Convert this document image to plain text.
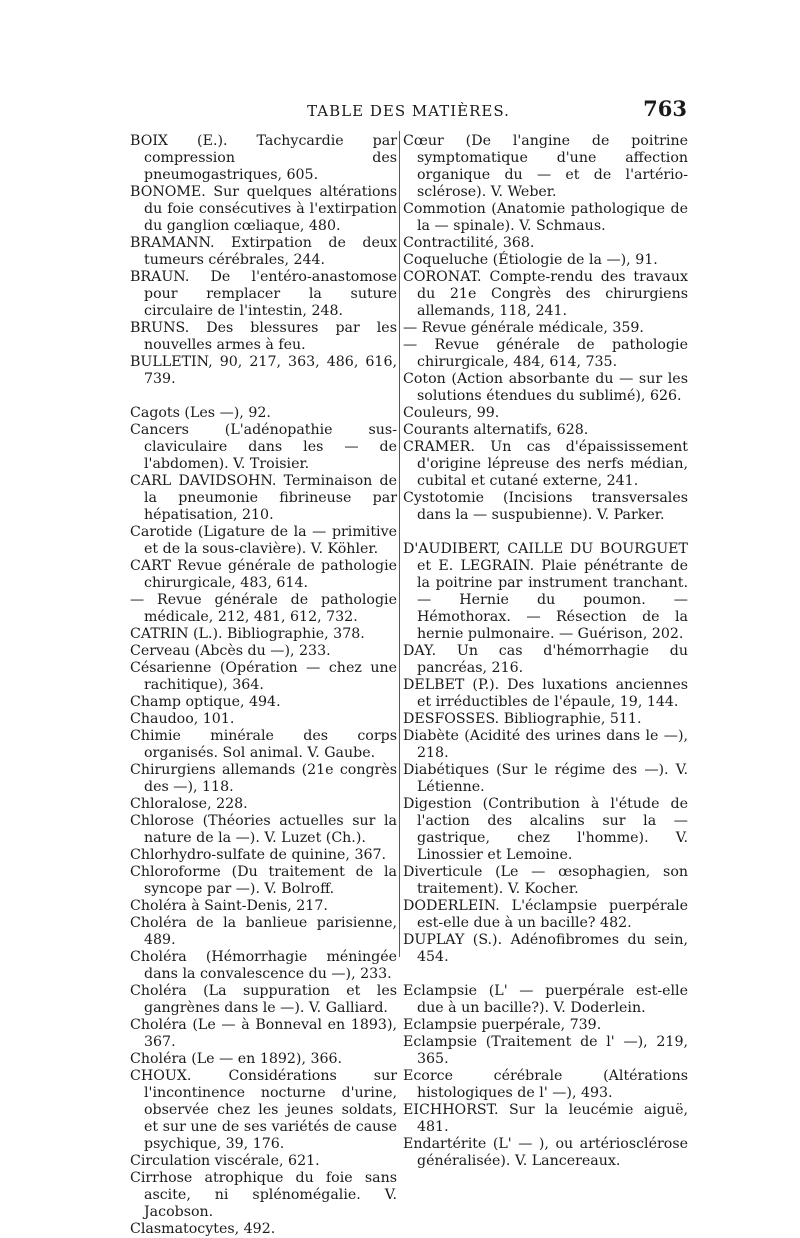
TABLE DES MATIÈRES.	763

BOIX (E.). Tachycardie par compression des pneumogastriques, 605.

BONOME. Sur quelques altérations du foie consécutives à l'extirpation du ganglion cœliaque, 480.

BRAMANN. Extirpation de deux tumeurs cérébrales, 244.

BRAUN. De l'entéro-anastomose pour remplacer la suture circulaire de l'intestin, 248.

BRUNS. Des blessures par les nouvelles armes à feu.

BULLETIN, 90, 217, 363, 486, 616, 739.

Cagots (Les —), 92.

Cancers (L'adénopathie sus-claviculaire dans les — de l'abdomen). V. Troisier.

CARL DAVIDSOHN. Terminaison de la pneumonie fibrineuse par hépatisation, 210.

Carotide (Ligature de la — primitive et de la sous-clavière). V. Köhler.

CART Revue générale de pathologie chirurgicale, 483, 614.

— Revue générale de pathologie médicale, 212, 481, 612, 732.

CATRIN (L.). Bibliographie, 378.

Cerveau (Abcès du —), 233.

Césarienne (Opération — chez une rachitique), 364.

Champ optique, 494.

Chaudoo, 101.

Chimie minérale des corps organisés. Sol animal. V. Gaube.

Chirurgiens allemands (21e congrès des —), 118.

Chloralose, 228.

Chlorose (Théories actuelles sur la nature de la —). V. Luzet (Ch.).

Chlorhydro-sulfate de quinine, 367.

Chloroforme (Du traitement de la syncope par —). V. Bolroff.

Choléra à Saint-Denis, 217.

Choléra de la banlieue parisienne, 489.

Choléra (Hémorrhagie méningée dans la convalescence du —), 233.

Choléra (La suppuration et les gangrènes dans le —). V. Galliard.

Choléra (Le — à Bonneval en 1893), 367.

Choléra (Le — en 1892), 366.

CHOUX. Considérations sur l'incontinence nocturne d'urine, observée chez les jeunes soldats, et sur une de ses variétés de cause psychique, 39, 176.

Circulation viscérale, 621.

Cirrhose atrophique du foie sans ascite, ni splénomégalie. V. Jacobson.

Clasmatocytes, 492.

Cœur (De l'angine de poitrine symptomatique d'une affection organique du — et de l'artério-sclérose). V. Weber.

Commotion (Anatomie pathologique de la — spinale). V. Schmaus.

Contractilité, 368.

Coqueluche (Étiologie de la —), 91.

CORONAT. Compte-rendu des travaux du 21e Congrès des chirurgiens allemands, 118, 241.

— Revue générale médicale, 359.

— Revue générale de pathologie chirurgicale, 484, 614, 735.

Coton (Action absorbante du — sur les solutions étendues du sublimé), 626.

Couleurs, 99.

Courants alternatifs, 628.

CRAMER. Un cas d'épaississement d'origine lépreuse des nerfs médian, cubital et cutané externe, 241.

Cystotomie (Incisions transversales dans la — suspubienne). V. Parker.

D'AUDIBERT, CAILLE DU BOURGUET et E. LEGRAIN. Plaie pénétrante de la poitrine par instrument tranchant. — Hernie du poumon. — Hémothorax. — Résection de la hernie pulmonaire. — Guérison, 202.

DAY. Un cas d'hémorrhagie du pancréas, 216.

DELBET (P.). Des luxations anciennes et irréductibles de l'épaule, 19, 144.

DESFOSSES. Bibliographie, 511.

Diabète (Acidité des urines dans le —), 218.

Diabétiques (Sur le régime des —). V. Létienne.

Digestion (Contribution à l'étude de l'action des alcalins sur la — gastrique, chez l'homme). V. Linossier et Lemoine.

Diverticule (Le — œsophagien, son traitement). V. Kocher.

DODERLEIN. L'éclampsie puerpérale est-elle due à un bacille? 482.

DUPLAY (S.). Adénofibromes du sein, 454.

Eclampsie (L' — puerpérale est-elle due à un bacille?). V. Doderlein.

Eclampsie puerpérale, 739.

Eclampsie (Traitement de l' —), 219, 365.

Ecorce cérébrale (Altérations histologiques de l' —), 493.

EICHHORST. Sur la leucémie aiguë, 481.

Endartérite (L' — ), ou artériosclérose généralisée). V. Lancereaux.
